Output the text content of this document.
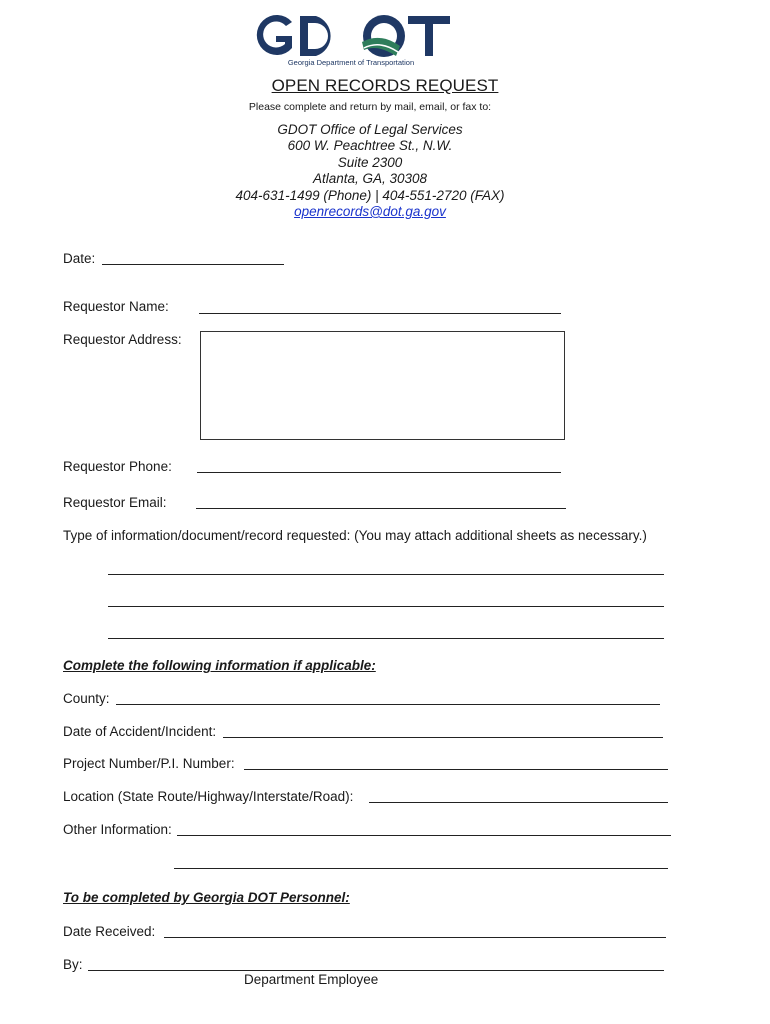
Georgia Department of Transportation
OPEN RECORDS REQUEST
Please complete and return by mail, email, or fax to:
GDOT Office of Legal Services
600 W. Peachtree St., N.W.
Suite 2300
Atlanta, GA, 30308
404-631-1499 (Phone) | 404-551-2720 (FAX)
openrecords@dot.ga.gov
Date:
Requestor Name:
Requestor Address:
Requestor Phone:
Requestor Email:
Type of information/document/record requested: (You may attach additional sheets as necessary.)
Complete the following information if applicable:
County:
Date of Accident/Incident:
Project Number/P.I. Number:
Location (State Route/Highway/Interstate/Road):
Other Information:
To be completed by Georgia DOT Personnel:
Date Received:
By:
Department Employee
